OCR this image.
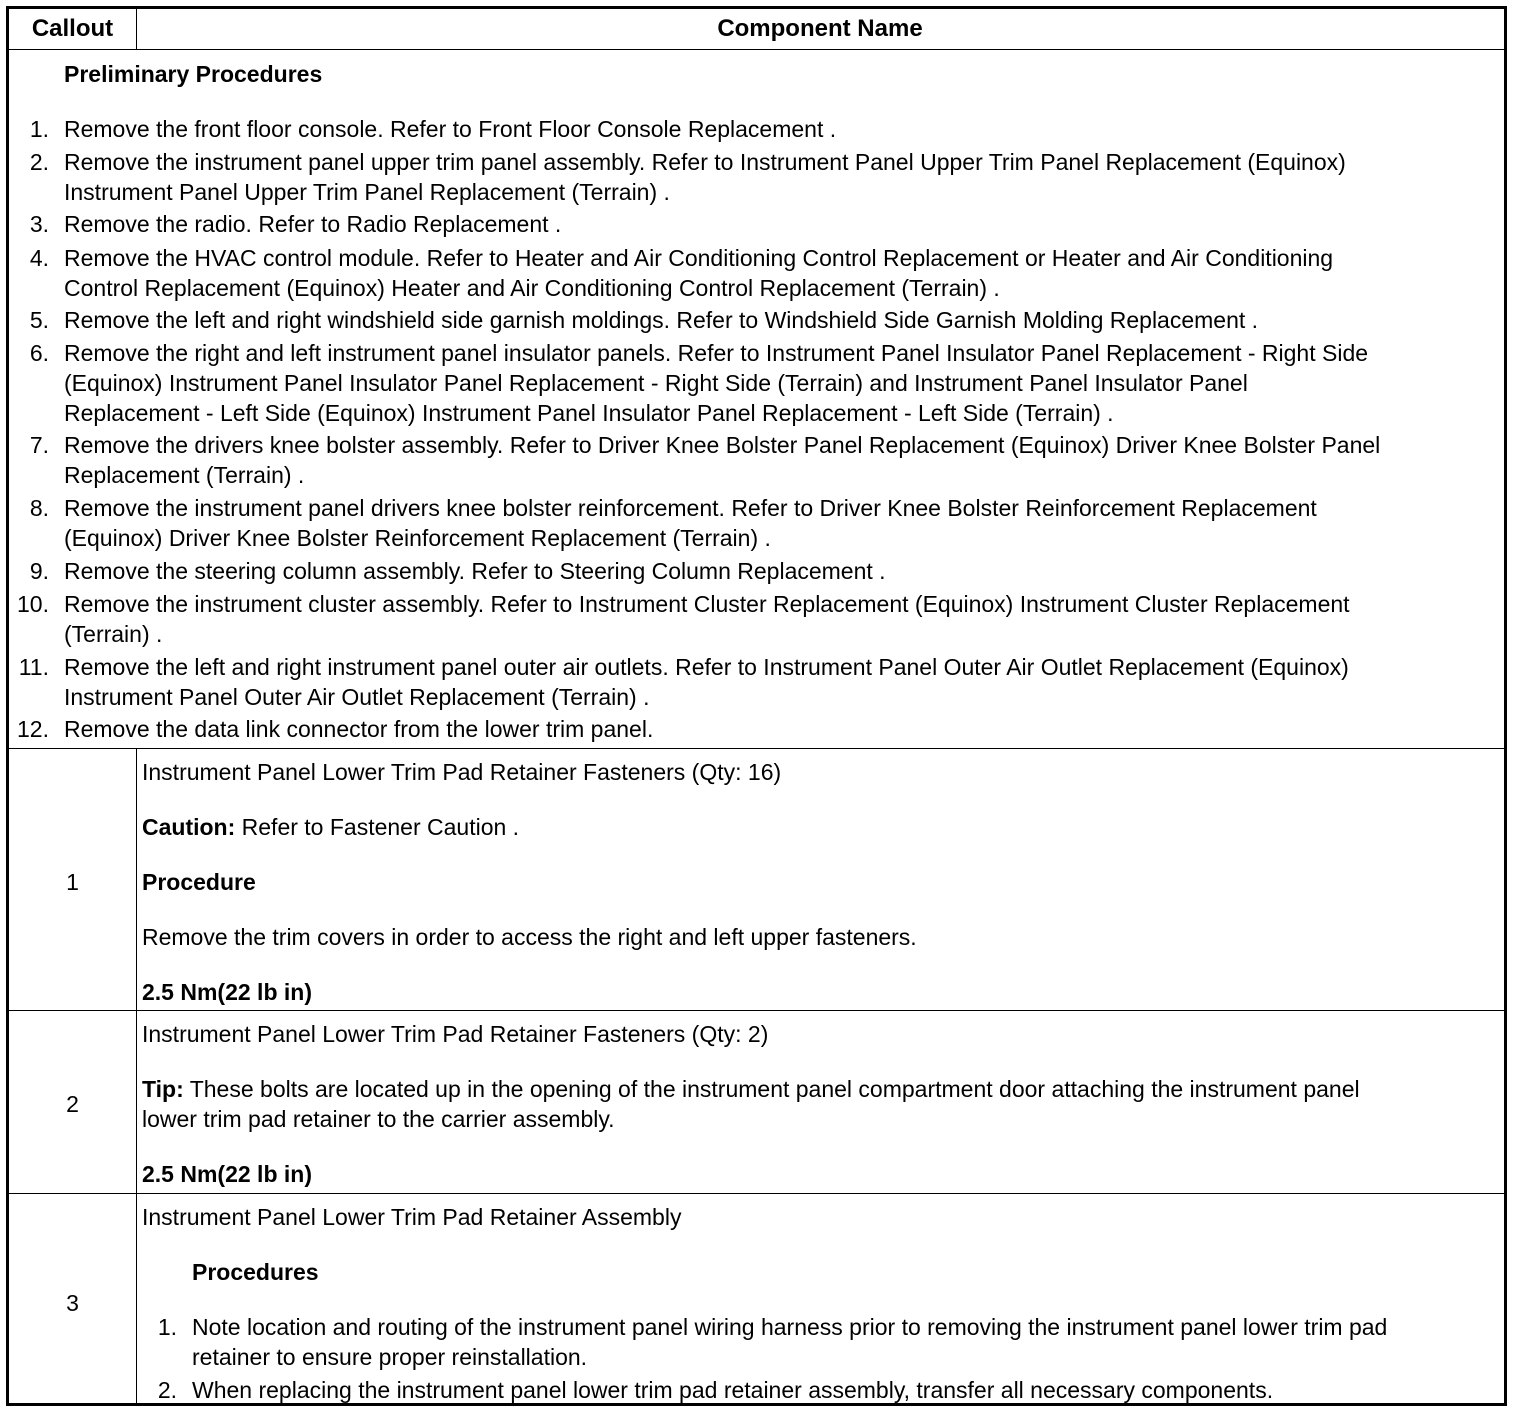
Callout	Component Name
Preliminary Procedures
1. Remove the front floor console. Refer to Front Floor Console Replacement .
2. Remove the instrument panel upper trim panel assembly. Refer to Instrument Panel Upper Trim Panel Replacement (Equinox)
Instrument Panel Upper Trim Panel Replacement (Terrain) .
3. Remove the radio. Refer to Radio Replacement .
4. Remove the HVAC control module. Refer to Heater and Air Conditioning Control Replacement or Heater and Air Conditioning
Control Replacement (Equinox) Heater and Air Conditioning Control Replacement (Terrain) .
5. Remove the left and right windshield side garnish moldings. Refer to Windshield Side Garnish Molding Replacement .
6. Remove the right and left instrument panel insulator panels. Refer to Instrument Panel Insulator Panel Replacement - Right Side
(Equinox) Instrument Panel Insulator Panel Replacement - Right Side (Terrain) and Instrument Panel Insulator Panel
Replacement - Left Side (Equinox) Instrument Panel Insulator Panel Replacement - Left Side (Terrain) .
7. Remove the drivers knee bolster assembly. Refer to Driver Knee Bolster Panel Replacement (Equinox) Driver Knee Bolster Panel
Replacement (Terrain) .
8. Remove the instrument panel drivers knee bolster reinforcement. Refer to Driver Knee Bolster Reinforcement Replacement
(Equinox) Driver Knee Bolster Reinforcement Replacement (Terrain) .
9. Remove the steering column assembly. Refer to Steering Column Replacement .
10. Remove the instrument cluster assembly. Refer to Instrument Cluster Replacement (Equinox) Instrument Cluster Replacement
(Terrain) .
11. Remove the left and right instrument panel outer air outlets. Refer to Instrument Panel Outer Air Outlet Replacement (Equinox)
Instrument Panel Outer Air Outlet Replacement (Terrain) .
12. Remove the data link connector from the lower trim panel.
1
Instrument Panel Lower Trim Pad Retainer Fasteners (Qty: 16)
Caution: Refer to Fastener Caution .
Procedure
Remove the trim covers in order to access the right and left upper fasteners.
2.5 Nm(22 lb in)
2
Instrument Panel Lower Trim Pad Retainer Fasteners (Qty: 2)
Tip: These bolts are located up in the opening of the instrument panel compartment door attaching the instrument panel
lower trim pad retainer to the carrier assembly.
2.5 Nm(22 lb in)
3
Instrument Panel Lower Trim Pad Retainer Assembly
Procedures
1. Note location and routing of the instrument panel wiring harness prior to removing the instrument panel lower trim pad
retainer to ensure proper reinstallation.
2. When replacing the instrument panel lower trim pad retainer assembly, transfer all necessary components.
